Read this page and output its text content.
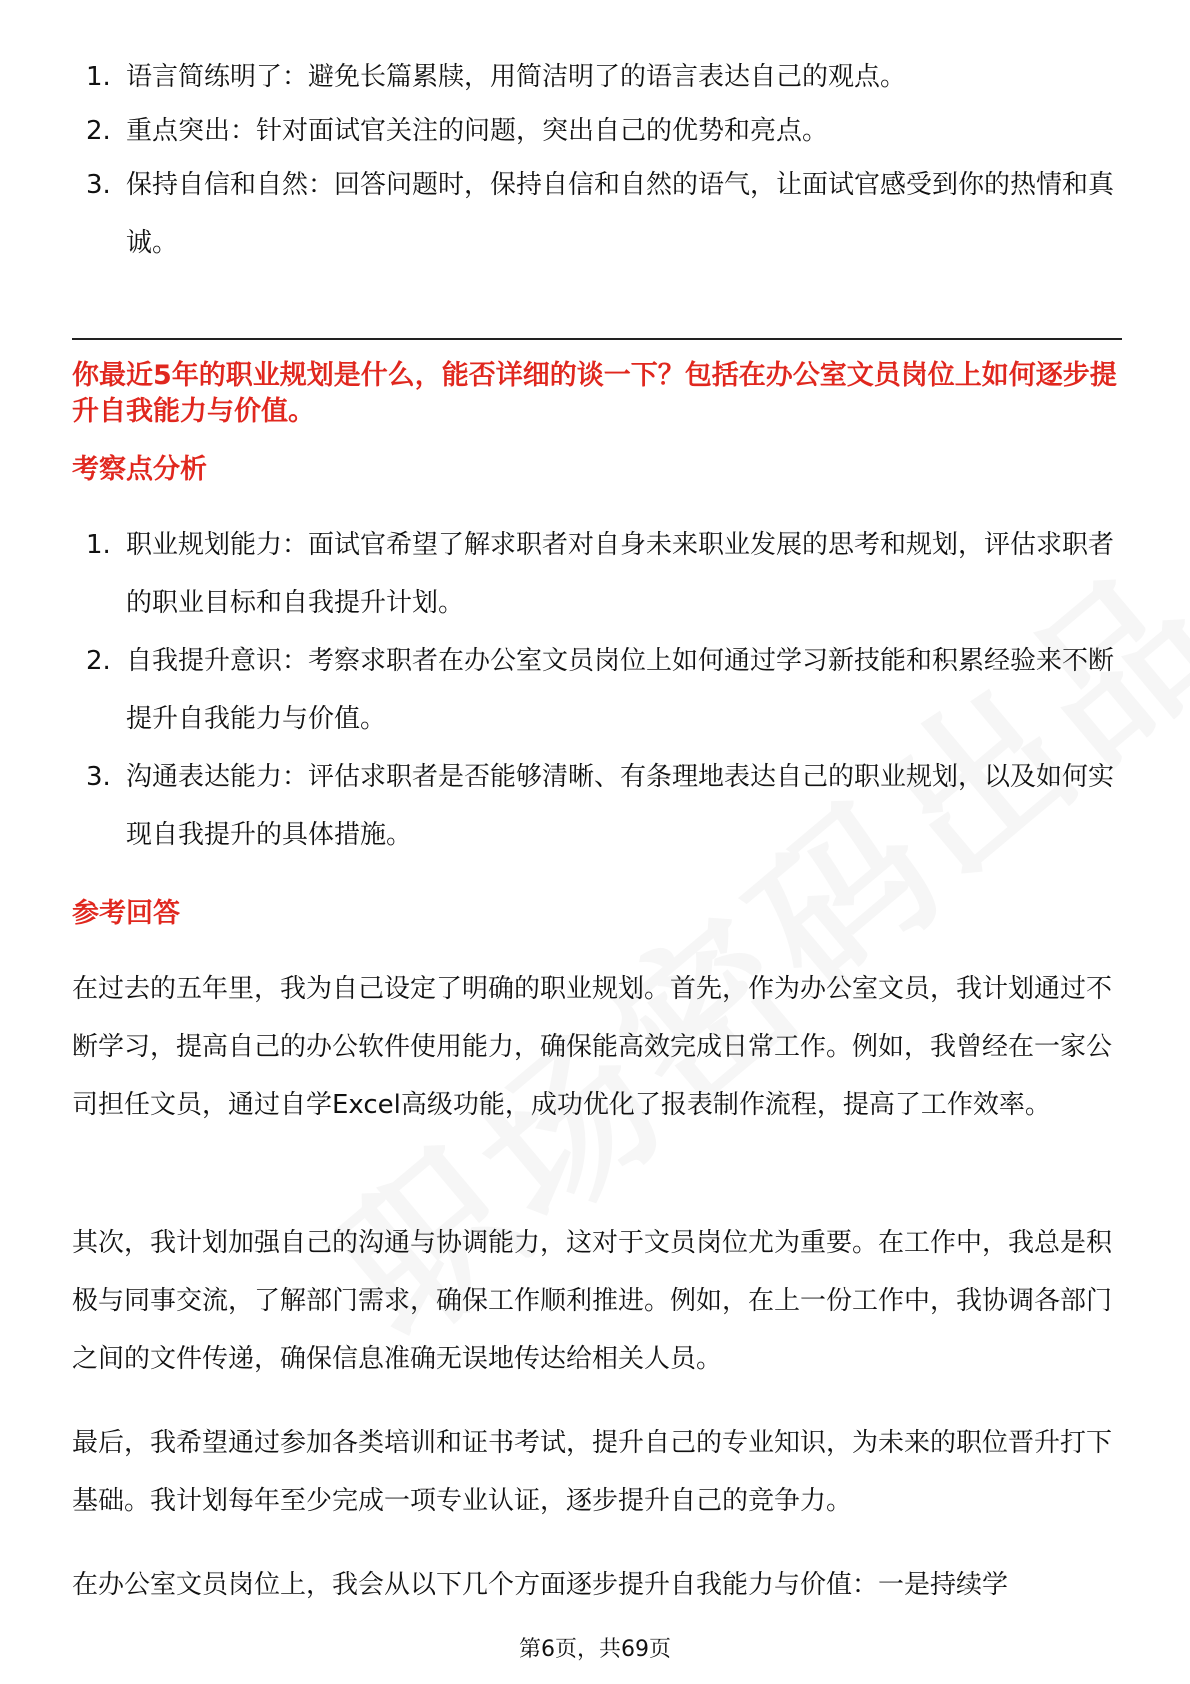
1. 语言简练明了：避免长篇累牍，用简洁明了的语言表达自己的观点。
2. 重点突出：针对面试官关注的问题，突出自己的优势和亮点。
3. 保持自信和自然：回答问题时，保持自信和自然的语气，让面试官感受到你的热情和真诚。
你最近5年的职业规划是什么，能否详细的谈一下？包括在办公室文员岗位上如何逐步提升自我能力与价值。
考察点分析
1. 职业规划能力：面试官希望了解求职者对自身未来职业发展的思考和规划，评估求职者的职业目标和自我提升计划。
2. 自我提升意识：考察求职者在办公室文员岗位上如何通过学习新技能和积累经验来不断提升自我能力与价值。
3. 沟通表达能力：评估求职者是否能够清晰、有条理地表达自己的职业规划，以及如何实现自我提升的具体措施。
参考回答
在过去的五年里，我为自己设定了明确的职业规划。首先，作为办公室文员，我计划通过不断学习，提高自己的办公软件使用能力，确保能高效完成日常工作。例如，我曾经在一家公司担任文员，通过自学Excel高级功能，成功优化了报表制作流程，提高了工作效率。
其次，我计划加强自己的沟通与协调能力，这对于文员岗位尤为重要。在工作中，我总是积极与同事交流，了解部门需求，确保工作顺利推进。例如，在上一份工作中，我协调各部门之间的文件传递，确保信息准确无误地传达给相关人员。
最后，我希望通过参加各类培训和证书考试，提升自己的专业知识，为未来的职位晋升打下基础。我计划每年至少完成一项专业认证，逐步提升自己的竞争力。
在办公室文员岗位上，我会从以下几个方面逐步提升自我能力与价值：一是持续学
第6页，共69页
